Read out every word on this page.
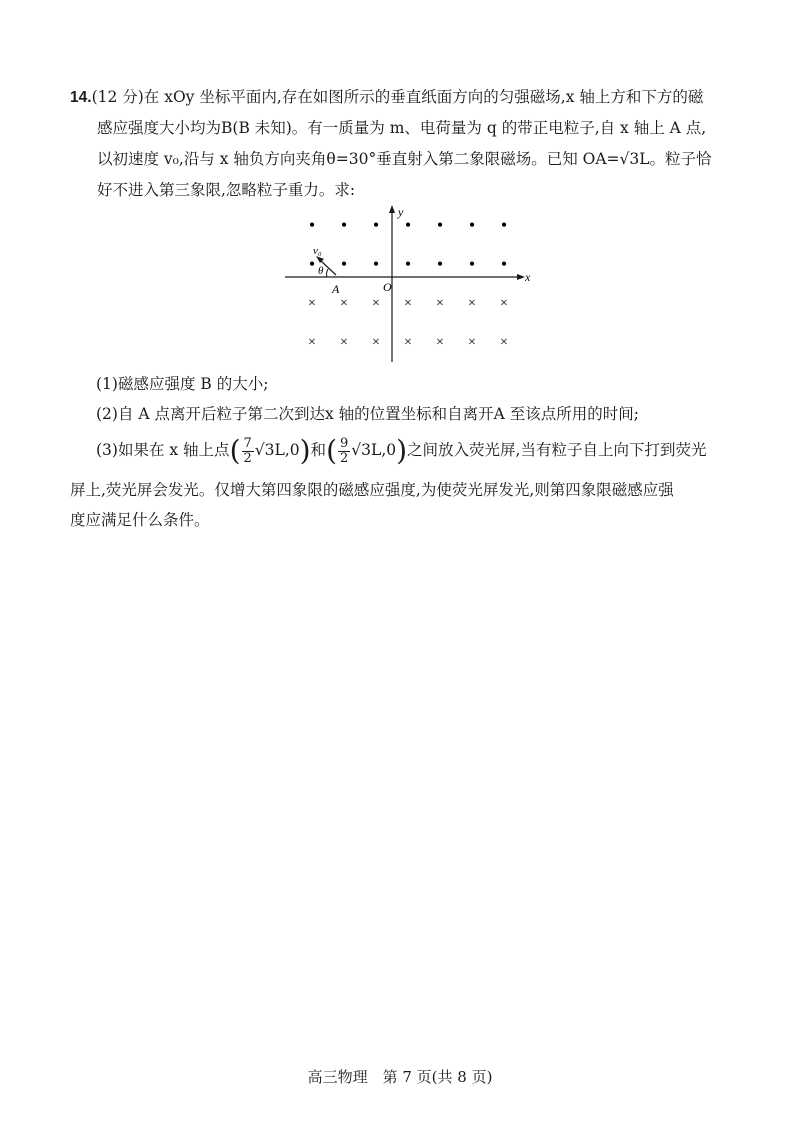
14.(12 分)在 xOy 坐标平面内,存在如图所示的垂直纸面方向的匀强磁场,x 轴上方和下方的磁
感应强度大小均为B(B 未知)。有一质量为 m、电荷量为 q 的带正电粒子,自 x 轴上 A 点,
以初速度 v₀,沿与 x 轴负方向夹角θ=30°垂直射入第二象限磁场。已知 OA=√3L。粒子恰
好不进入第三象限,忽略粒子重力。求:
y
x
O
A
v₀
θ
• • • • • • •
• • • • • • •
× × × × × × ×
× × × × × × ×
(1)磁感应强度 B 的大小;
(2)自 A 点离开后粒子第二次到达x 轴的位置坐标和自离开A 至该点所用的时间;
(3)如果在 x 轴上点( $\frac{7}{2} √3L,0$)和( $\frac{9}{2} √3L,0$)之间放入荧光屏,当有粒子自上向下打到荧光
屏上,荧光屏会发光。仅增大第四象限的磁感应强度,为使荧光屏发光,则第四象限磁感应强
度应满足什么条件。
高三物理　第 7 页(共 8 页)
